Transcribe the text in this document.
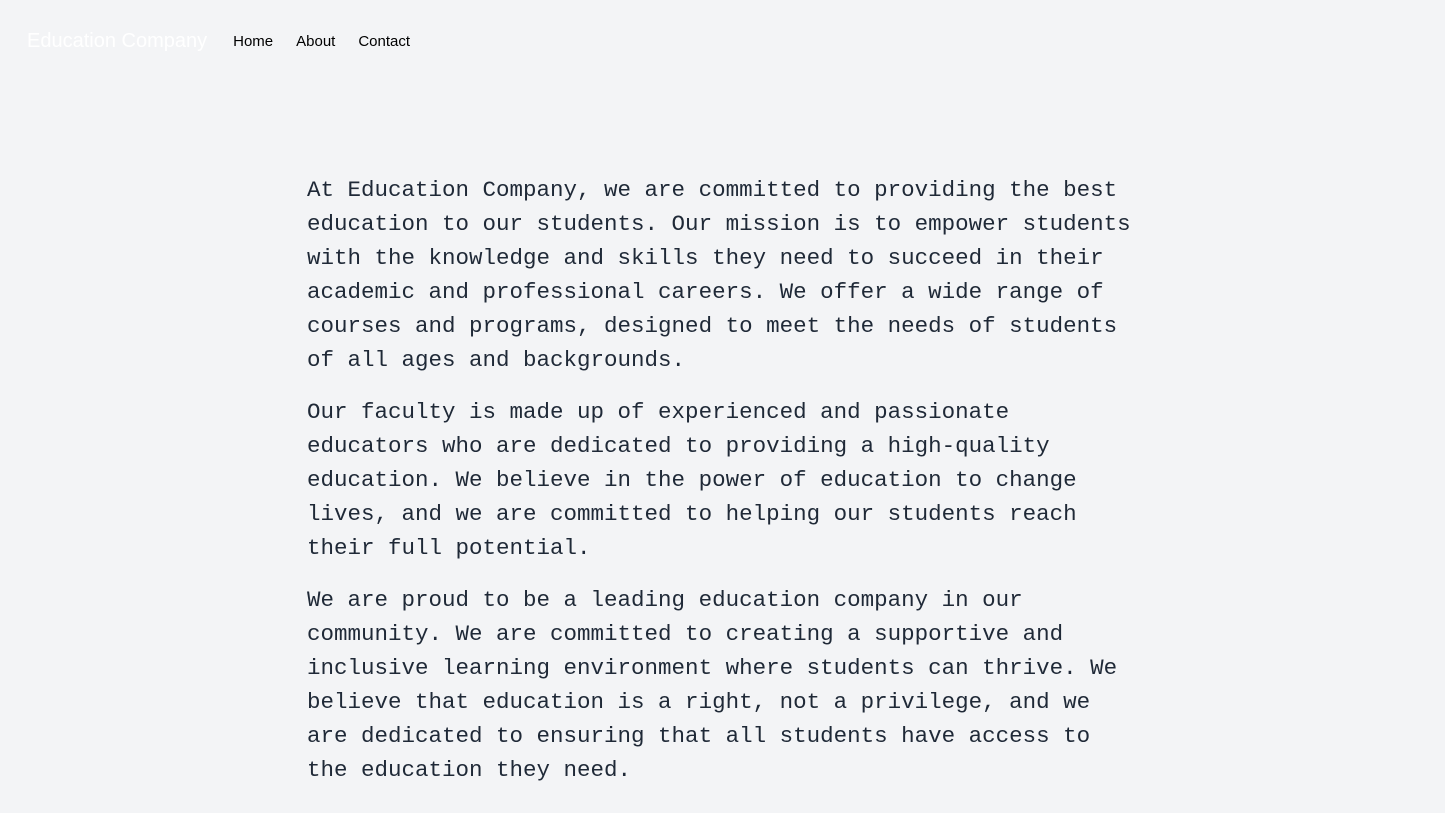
Education Company Home About Contact

At Education Company, we are committed to providing the best education to our students. Our mission is to empower students with the knowledge and skills they need to succeed in their academic and professional careers. We offer a wide range of courses and programs, designed to meet the needs of students of all ages and backgrounds.

Our faculty is made up of experienced and passionate educators who are dedicated to providing a high-quality education. We believe in the power of education to change lives, and we are committed to helping our students reach their full potential.

We are proud to be a leading education company in our community. We are committed to creating a supportive and inclusive learning environment where students can thrive. We believe that education is a right, not a privilege, and we are dedicated to ensuring that all students have access to the education they need.
